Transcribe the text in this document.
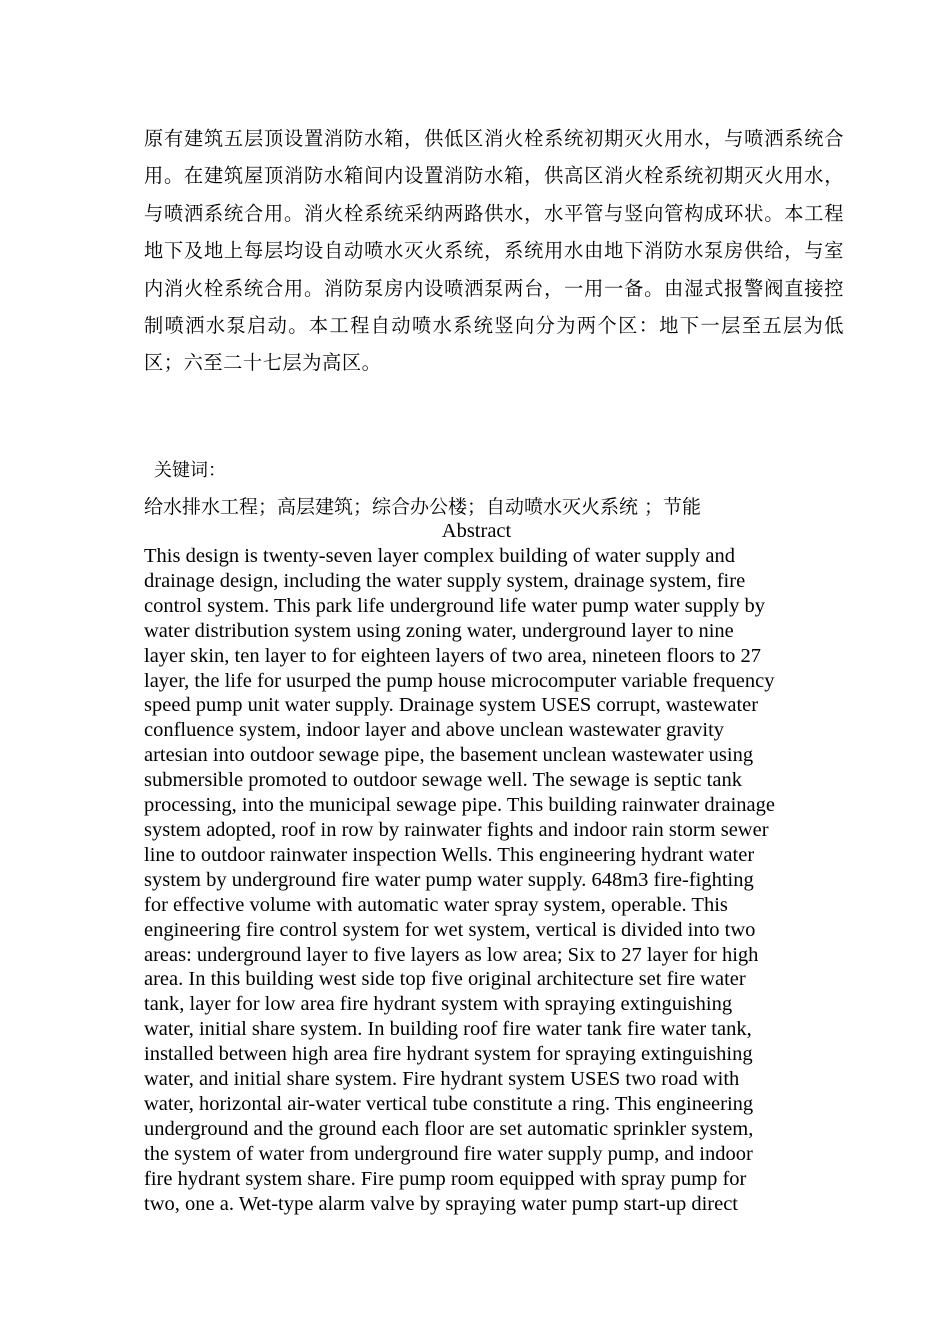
原有建筑五层顶设置消防水箱，供低区消火栓系统初期灭火用水，与喷洒系统合用。在建筑屋顶消防水箱间内设置消防水箱，供高区消火栓系统初期灭火用水，与喷洒系统合用。消火栓系统采纳两路供水，水平管与竖向管构成环状。本工程地下及地上每层均设自动喷水灭火系统，系统用水由地下消防水泵房供给，与室内消火栓系统合用。消防泵房内设喷洒泵两台，一用一备。由湿式报警阀直接控制喷洒水泵启动。本工程自动喷水系统竖向分为两个区：地下一层至五层为低区；六至二十七层为高区。

关键词：

给水排水工程；高层建筑；综合办公楼；自动喷水灭火系统 ；节能

Abstract

This design is twenty-seven layer complex building of water supply and
drainage design, including the water supply system, drainage system, fire
control system. This park life underground life water pump water supply by
water distribution system using zoning water, underground layer to nine
layer skin, ten layer to for eighteen layers of two area, nineteen floors to 27
layer, the life for usurped the pump house microcomputer variable frequency
speed pump unit water supply. Drainage system USES corrupt, wastewater
confluence system, indoor layer and above unclean wastewater gravity
artesian into outdoor sewage pipe, the basement unclean wastewater using
submersible promoted to outdoor sewage well. The sewage is septic tank
processing, into the municipal sewage pipe. This building rainwater drainage
system adopted, roof in row by rainwater fights and indoor rain storm sewer
line to outdoor rainwater inspection Wells. This engineering hydrant water
system by underground fire water pump water supply. 648m3 fire-fighting
for effective volume with automatic water spray system, operable. This
engineering fire control system for wet system, vertical is divided into two
areas: underground layer to five layers as low area; Six to 27 layer for high
area. In this building west side top five original architecture set fire water
tank, layer for low area fire hydrant system with spraying extinguishing
water, initial share system. In building roof fire water tank fire water tank,
installed between high area fire hydrant system for spraying extinguishing
water, and initial share system. Fire hydrant system USES two road with
water, horizontal air-water vertical tube constitute a ring. This engineering
underground and the ground each floor are set automatic sprinkler system,
the system of water from underground fire water supply pump, and indoor
fire hydrant system share. Fire pump room equipped with spray pump for
two, one a. Wet-type alarm valve by spraying water pump start-up direct
